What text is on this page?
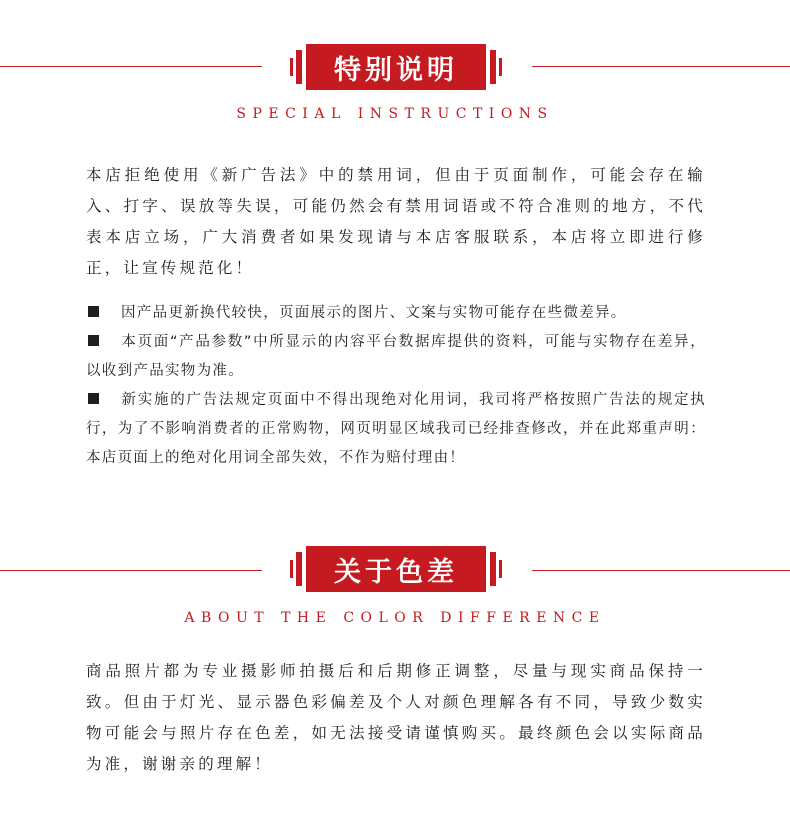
特别说明
SPECIAL INSTRUCTIONS

本店拒绝使用《新广告法》中的禁用词，但由于页面制作，可能会存在输入、打字、误放等失误，可能仍然会有禁用词语或不符合准则的地方，不代表本店立场，广大消费者如果发现请与本店客服联系，本店将立即进行修正，让宣传规范化！

因产品更新换代较快，页面展示的图片、文案与实物可能存在些微差异。
本页面“产品参数”中所显示的内容平台数据库提供的资料，可能与实物存在差异，以收到产品实物为准。
新实施的广告法规定页面中不得出现绝对化用词，我司将严格按照广告法的规定执行，为了不影响消费者的正常购物，网页明显区域我司已经排查修改，并在此郑重声明：本店页面上的绝对化用词全部失效，不作为赔付理由！
关于色差
ABOUT THE COLOR DIFFERENCE

商品照片都为专业摄影师拍摄后和后期修正调整，尽量与现实商品保持一致。但由于灯光、显示器色彩偏差及个人对颜色理解各有不同，导致少数实物可能会与照片存在色差，如无法接受请谨慎购买。最终颜色会以实际商品为准，谢谢亲的理解！
